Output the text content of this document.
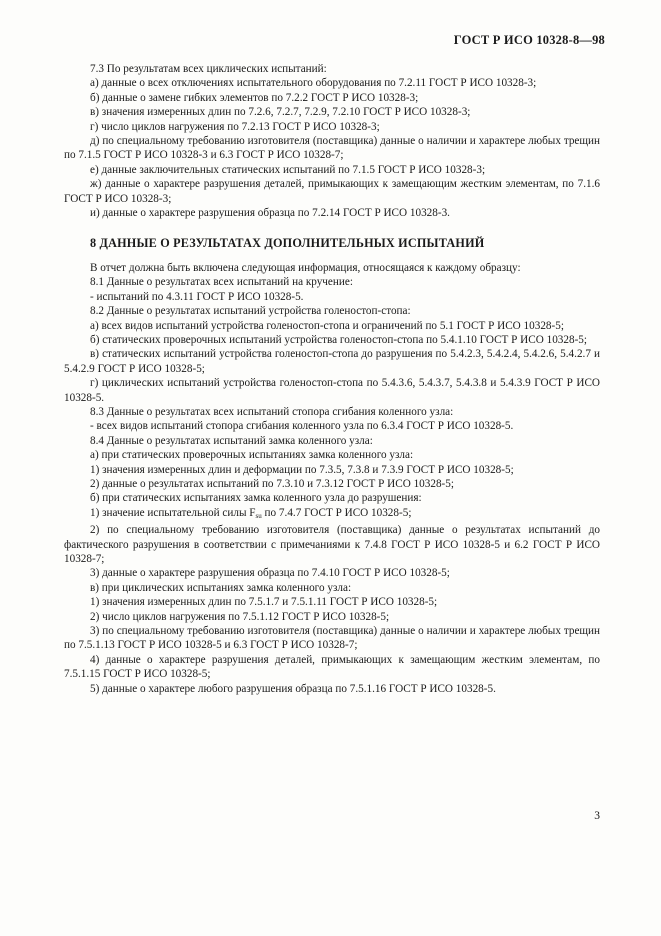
ГОСТ Р ИСО 10328-8—98

7.3 По результатам всех циклических испытаний:

а) данные о всех отключениях испытательного оборудования по 7.2.11 ГОСТ Р ИСО 10328-3;

б) данные о замене гибких элементов по 7.2.2 ГОСТ Р ИСО 10328-3;

в) значения измеренных длин по 7.2.6, 7.2.7, 7.2.9, 7.2.10 ГОСТ Р ИСО 10328-3;

г) число циклов нагружения по 7.2.13 ГОСТ Р ИСО 10328-3;

д) по специальному требованию изготовителя (поставщика) данные о наличии и характере любых трещин по 7.1.5 ГОСТ Р ИСО 10328-3 и 6.3 ГОСТ Р ИСО 10328-7;

е) данные заключительных статических испытаний по 7.1.5 ГОСТ Р ИСО 10328-3;

ж) данные о характере разрушения деталей, примыкающих к замещающим жестким элементам, по 7.1.6 ГОСТ Р ИСО 10328-3;

и) данные о характере разрушения образца по 7.2.14 ГОСТ Р ИСО 10328-3.

8 ДАННЫЕ О РЕЗУЛЬТАТАХ ДОПОЛНИТЕЛЬНЫХ ИСПЫТАНИЙ

В отчет должна быть включена следующая информация, относящаяся к каждому образцу:

8.1 Данные о результатах всех испытаний на кручение:

- испытаний по 4.3.11 ГОСТ Р ИСО 10328-5.

8.2 Данные о результатах испытаний устройства голеностоп-стопа:

а) всех видов испытаний устройства голеностоп-стопа и ограничений по 5.1 ГОСТ Р ИСО 10328-5;

б) статических проверочных испытаний устройства голеностоп-стопа по 5.4.1.10 ГОСТ Р ИСО 10328-5;

в) статических испытаний устройства голеностоп-стопа до разрушения по 5.4.2.3, 5.4.2.4, 5.4.2.6, 5.4.2.7 и 5.4.2.9 ГОСТ Р ИСО 10328-5;

г) циклических испытаний устройства голеностоп-стопа по 5.4.3.6, 5.4.3.7, 5.4.3.8 и 5.4.3.9 ГОСТ Р ИСО 10328-5.

8.3 Данные о результатах всех испытаний стопора сгибания коленного узла:

- всех видов испытаний стопора сгибания коленного узла по 6.3.4 ГОСТ Р ИСО 10328-5.

8.4 Данные о результатах испытаний замка коленного узла:

а) при статических проверочных испытаниях замка коленного узла:

1) значения измеренных длин и деформации по 7.3.5, 7.3.8 и 7.3.9 ГОСТ Р ИСО 10328-5;

2) данные о результатах испытаний по 7.3.10 и 7.3.12 ГОСТ Р ИСО 10328-5;

б) при статических испытаниях замка коленного узла до разрушения:

1) значение испытательной силы $F_{su}$ по 7.4.7 ГОСТ Р ИСО 10328-5;

2) по специальному требованию изготовителя (поставщика) данные о результатах испытаний до фактического разрушения в соответствии с примечаниями к 7.4.8 ГОСТ Р ИСО 10328-5 и 6.2 ГОСТ Р ИСО 10328-7;

3) данные о характере разрушения образца по 7.4.10 ГОСТ Р ИСО 10328-5;

в) при циклических испытаниях замка коленного узла:

1) значения измеренных длин по 7.5.1.7 и 7.5.1.11 ГОСТ Р ИСО 10328-5;

2) число циклов нагружения по 7.5.1.12 ГОСТ Р ИСО 10328-5;

3) по специальному требованию изготовителя (поставщика) данные о наличии и характере любых трещин по 7.5.1.13 ГОСТ Р ИСО 10328-5 и 6.3 ГОСТ Р ИСО 10328-7;

4) данные о характере разрушения деталей, примыкающих к замещающим жестким элементам, по 7.5.1.15 ГОСТ Р ИСО 10328-5;

5) данные о характере любого разрушения образца по 7.5.1.16 ГОСТ Р ИСО 10328-5.

3
